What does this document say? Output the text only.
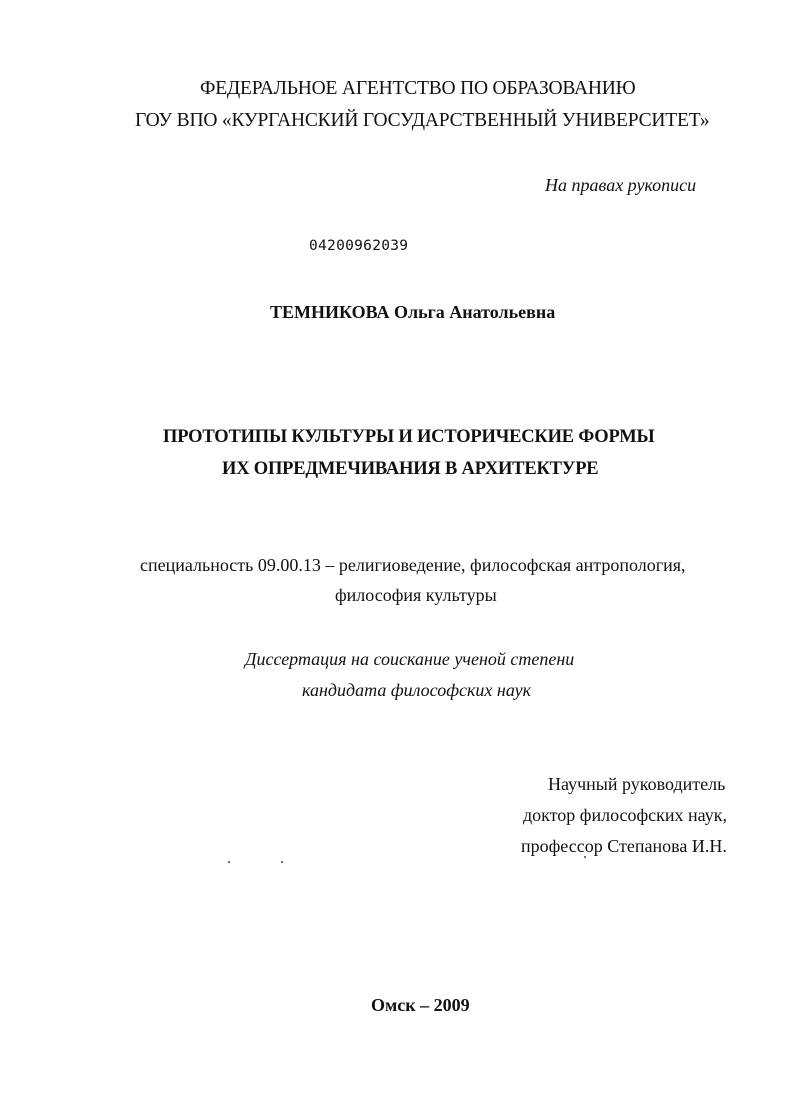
ФЕДЕРАЛЬНОЕ АГЕНТСТВО ПО ОБРАЗОВАНИЮ
ГОУ ВПО «КУРГАНСКИЙ ГОСУДАРСТВЕННЫЙ УНИВЕРСИТЕТ»
На правах рукописи
04200962039
ТЕМНИКОВА Ольга Анатольевна
ПРОТОТИПЫ КУЛЬТУРЫ И ИСТОРИЧЕСКИЕ ФОРМЫ
ИХ ОПРЕДМЕЧИВАНИЯ В АРХИТЕКТУРЕ
специальность 09.00.13 – религиоведение, философская антропология,
философия культуры
Диссертация на соискание ученой степени
кандидата философских наук
Научный руководитель
доктор философских наук,
профессор Степанова И.Н.
Омск – 2009
